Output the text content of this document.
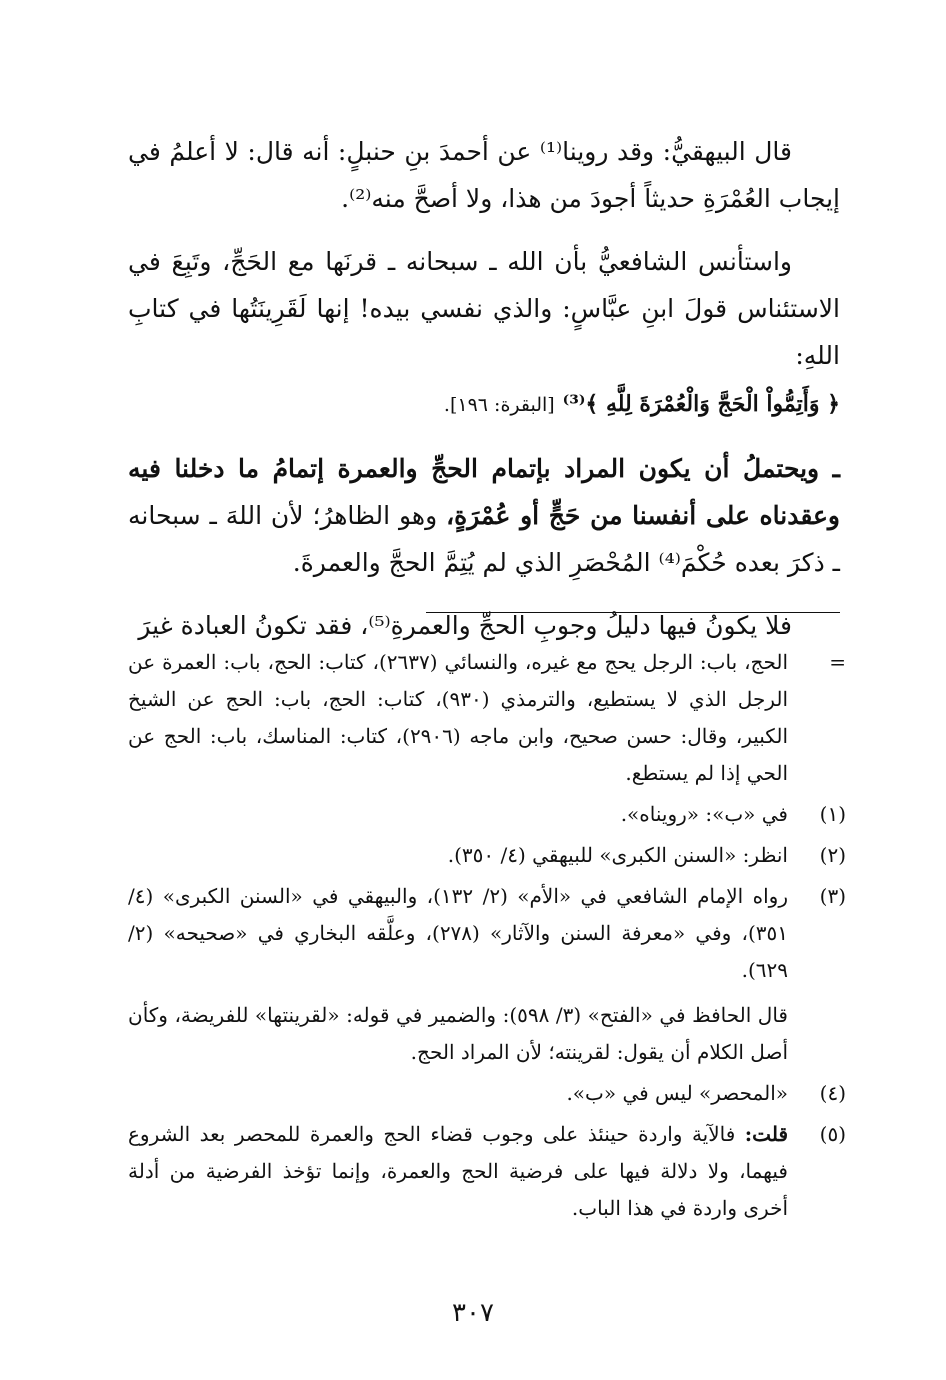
قال البيهقيُّ: وقد روينا⁽¹⁾ عن أحمدَ بنِ حنبلٍ: أنه قال: لا أعلمُ في إيجاب العُمْرَةِ حديثاً أجودَ من هذا، ولا أصحَّ منه⁽²⁾.

واستأنس الشافعيُّ بأن الله ـ سبحانه ـ قرنَها مع الحَجِّ، وتَبِعَ في الاستئناس قولَ ابنِ عبَّاسٍ: والذي نفسي بيده! إنها لَقَرِينَتُها في كتابِ اللهِ:
﴿ وَأَتِمُّواْ الْحَجَّ وَالْعُمْرَةَ لِلَّهِ ﴾⁽³⁾ [البقرة: ١٩٦].

ـ ويحتملُ أن يكون المراد بإتمام الحجِّ والعمرة إتمامُ ما دخلنا فيه وعقدناه على أنفسنا من حَجٍّ أو عُمْرَةٍ، وهو الظاهرُ؛ لأن اللهَ ـ سبحانه ـ ذكرَ بعده حُكْمَ⁽⁴⁾ المُحْصَرِ الذي لم يُتِمَّ الحجَّ والعمرةَ.

فلا يكونُ فيها دليلُ وجوبِ الحجِّ والعمرةِ⁽⁵⁾، فقد تكونُ العبادة غيرَ

=

الحج، باب: الرجل يحج مع غيره، والنسائي (٢٦٣٧)، كتاب: الحج، باب: العمرة عن الرجل الذي لا يستطيع، والترمذي (٩٣٠)، كتاب: الحج، باب: الحج عن الشيخ الكبير، وقال: حسن صحيح، وابن ماجه (٢٩٠٦)، كتاب: المناسك، باب: الحج عن الحي إذا لم يستطع.

(١)

في «ب»: «رويناه».

(٢)

انظر: «السنن الكبرى» للبيهقي (٤/ ٣٥٠).

(٣)

رواه الإمام الشافعي في «الأم» (٢/ ١٣٢)، والبيهقي في «السنن الكبرى» (٤/ ٣٥١)، وفي «معرفة السنن والآثار» (٢٧٨)، وعلَّقه البخاري في «صحيحه» (٢/ ٦٢٩).

قال الحافظ في «الفتح» (٣/ ٥٩٨): والضمير في قوله: «لقرينتها» للفريضة، وكأن أصل الكلام أن يقول: لقرينته؛ لأن المراد الحج.

(٤)

«المحصر» ليس في «ب».

(٥)

قلت: فالآية واردة حينئذ على وجوب قضاء الحج والعمرة للمحصر بعد الشروع فيهما، ولا دلالة فيها على فرضية الحج والعمرة، وإنما تؤخذ الفرضية من أدلة أخرى واردة في هذا الباب.

٣٠٧
